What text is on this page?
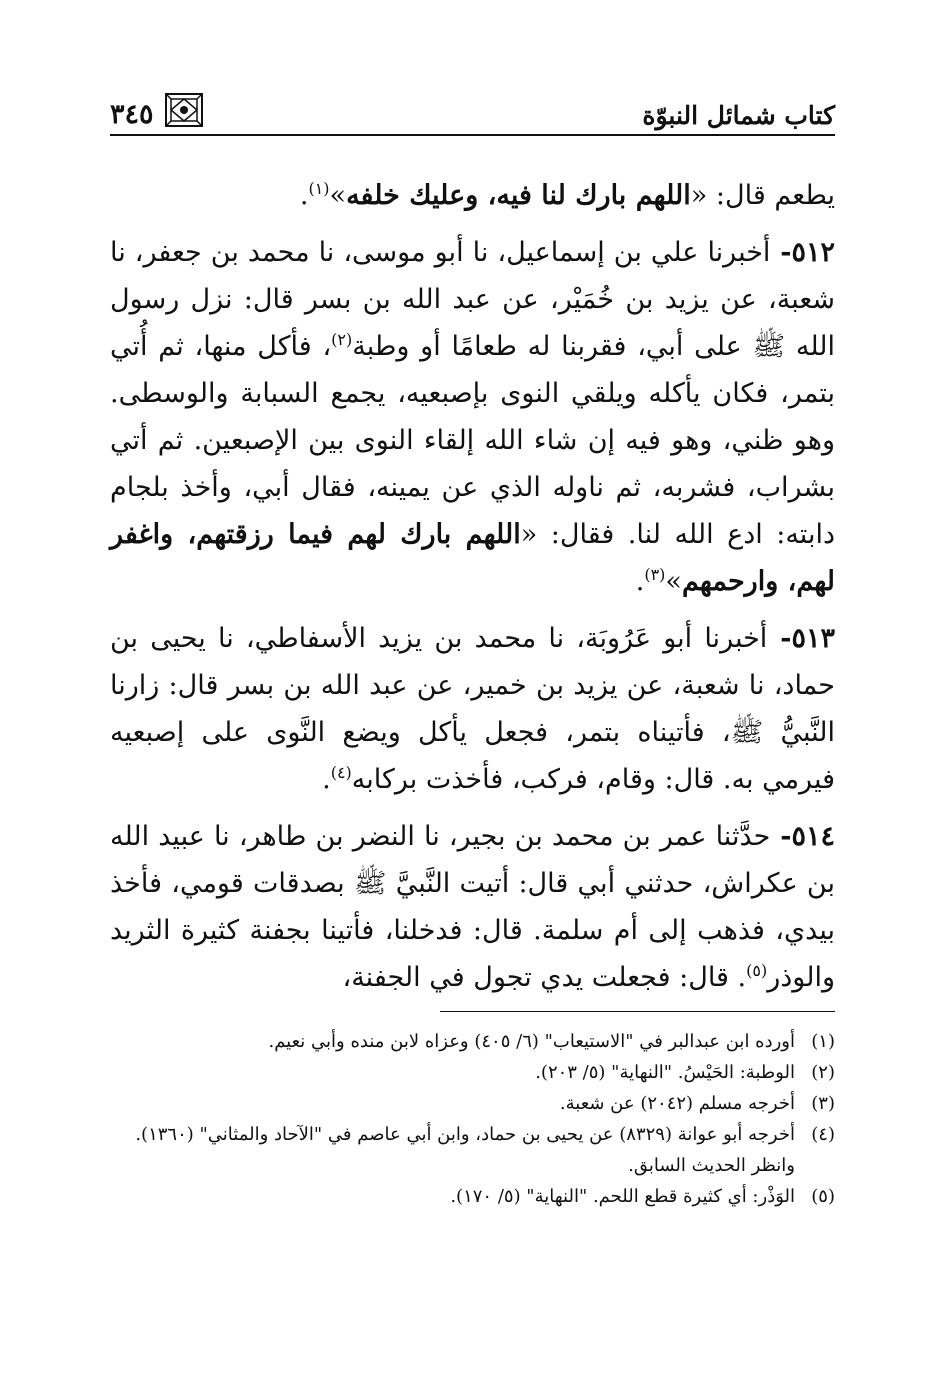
كتاب شمائل النبوّة
٣٤٥

يطعم قال: «اللهم بارك لنا فيه، وعليك خلفه»$^{(١)}$.

٥١٢- أخبرنا علي بن إسماعيل، نا أبو موسى، نا محمد بن جعفر، نا شعبة، عن يزيد بن خُمَيْر، عن عبد الله بن بسر قال: نزل رسول الله ﷺ على أبي، فقربنا له طعامًا أو وطبة$^{(٢)}$، فأكل منها، ثم أُتي بتمر، فكان يأكله ويلقي النوى بإصبعيه، يجمع السبابة والوسطى. وهو ظني، وهو فيه إن شاء الله إلقاء النوى بين الإصبعين. ثم أتي بشراب، فشربه، ثم ناوله الذي عن يمينه، فقال أبي، وأخذ بلجام دابته: ادع الله لنا. فقال: «اللهم بارك لهم فيما رزقتهم، واغفر لهم، وارحمهم»$^{(٣)}$.

٥١٣- أخبرنا أبو عَرُوبَة، نا محمد بن يزيد الأسفاطي، نا يحيى بن حماد، نا شعبة، عن يزيد بن خمير، عن عبد الله بن بسر قال: زارنا النَّبيُّ ﷺ، فأتيناه بتمر، فجعل يأكل ويضع النَّوى على إصبعيه فيرمي به. قال: وقام، فركب، فأخذت بركابه$^{(٤)}$.

٥١٤- حدَّثنا عمر بن محمد بن بجير، نا النضر بن طاهر، نا عبيد الله بن عكراش، حدثني أبي قال: أتيت النَّبيَّ ﷺ بصدقات قومي، فأخذ بيدي، فذهب إلى أم سلمة. قال: فدخلنا، فأتينا بجفنة كثيرة الثريد والوذر$^{(٥)}$. قال: فجعلت يدي تجول في الجفنة،

(١)
أورده ابن عبدالبر في "الاستيعاب" (٦/ ٤٠٥) وعزاه لابن منده وأبي نعيم.
(٢)
الوطبة: الحَيْسُ. "النهاية" (٥/ ٢٠٣).
(٣)
أخرجه مسلم (٢٠٤٢) عن شعبة.
(٤)
أخرجه أبو عوانة (٨٣٢٩) عن يحيى بن حماد، وابن أبي عاصم في "الآحاد والمثاني" (١٣٦٠). وانظر الحديث السابق.
(٥)
الوَذْر: أي كثيرة قطع اللحم. "النهاية" (٥/ ١٧٠).
